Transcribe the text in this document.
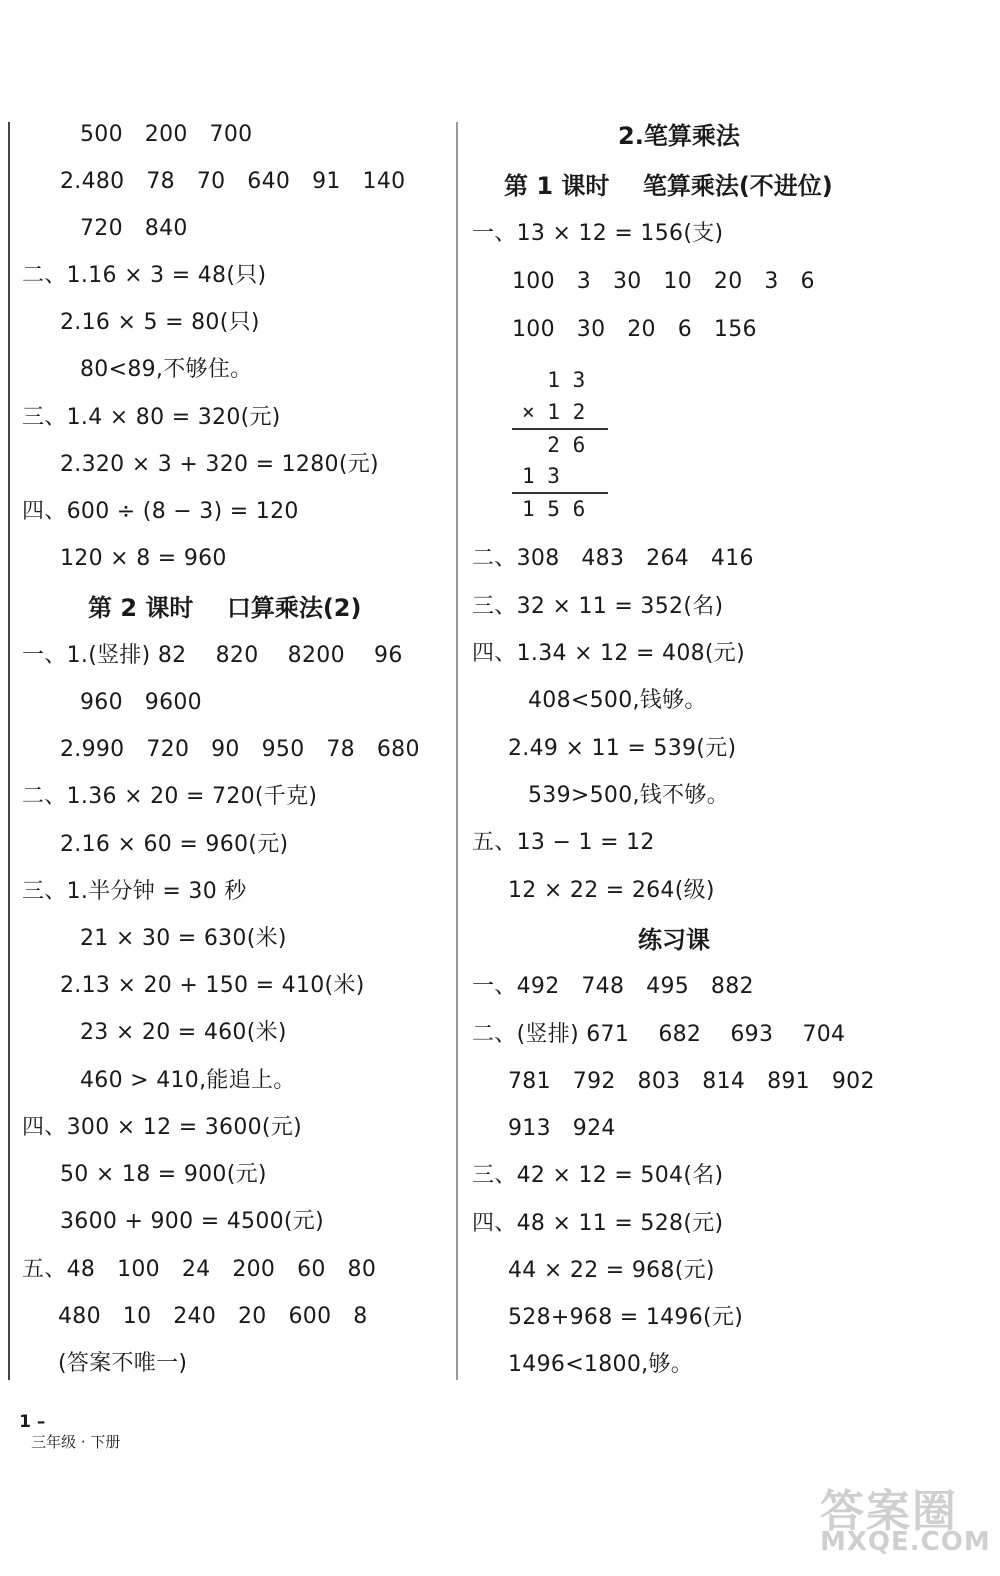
500   200   700
2.480   78   70   640   91   140
720   840
二、1.16 × 3 = 48(只)
2.16 × 5 = 80(只)
80<89,不够住。
三、1.4 × 80 = 320(元)
2.320 × 3 + 320 = 1280(元)
四、600 ÷ (8 − 3) = 120
120 × 8 = 960
第 2 课时    口算乘法(2)
一、1.(竖排) 82    820    8200    96
960   9600
2.990   720   90   950   78   680
二、1.36 × 20 = 720(千克)
2.16 × 60 = 960(元)
三、1.半分钟 = 30 秒
21 × 30 = 630(米)
2.13 × 20 + 150 = 410(米)
23 × 20 = 460(米)
460 > 410,能追上。
四、300 × 12 = 3600(元)
50 × 18 = 900(元)
3600 + 900 = 4500(元)
五、48   100   24   200   60   80
480   10   240   20   600   8
(答案不唯一)
2.笔算乘法
第 1 课时    笔算乘法(不进位)
一、13 × 12 = 156(支)
100   3   30   10   20   3   6
100   30   20   6   156
1 3
× 1 2
2 6
1 3
1 5 6
二、308   483   264   416
三、32 × 11 = 352(名)
四、1.34 × 12 = 408(元)
408<500,钱够。
2.49 × 11 = 539(元)
539>500,钱不够。
五、13 − 1 = 12
12 × 22 = 264(级)
练习课
一、492   748   495   882
二、(竖排) 671    682    693    704
781   792   803   814   891   902
913   924
三、42 × 12 = 504(名)
四、48 × 11 = 528(元)
44 × 22 = 968(元)
528+968 = 1496(元)
1496<1800,够。

1 –
三年级 · 下册

答案圈
MXQE.COM
